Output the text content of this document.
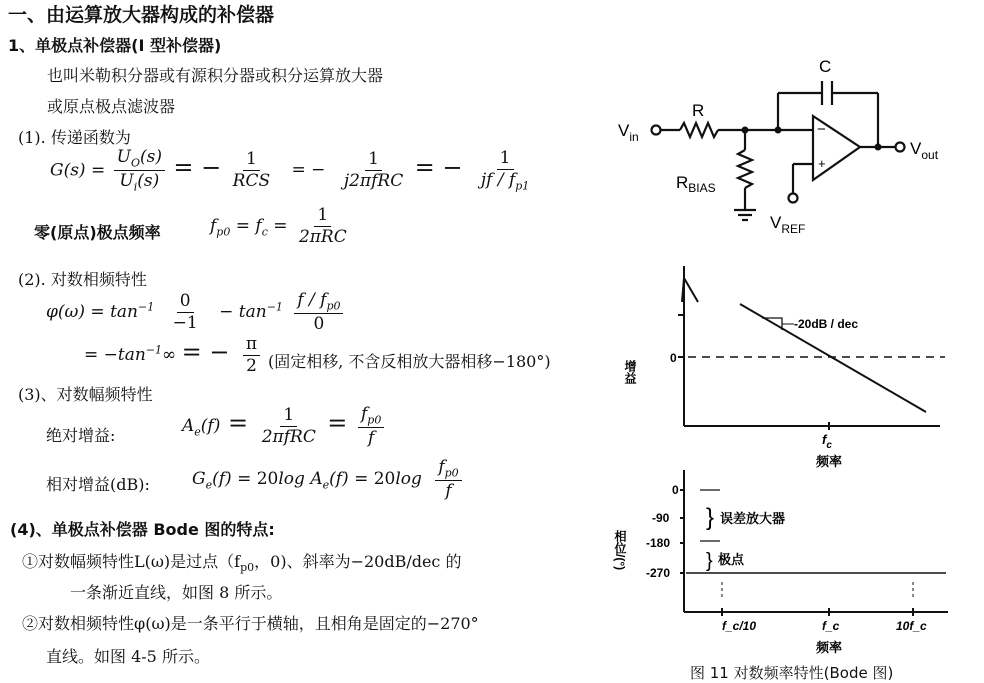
一、由运算放大器构成的补偿器
1、单极点补偿器(I 型补偿器)
也叫米勒积分器或有源积分器或积分运算放大器
或原点极点滤波器
(1). 传递函数为
$G(s) = \frac{U_O(s)}{U_i(s)}$ = − $\frac{1}{\text{RCS}}$ = − $\frac{1}{\text{j2πfRC}}$ = − $\frac{1}{jf / f_{p1}}$
零(原点)极点频率	$f_{p0} = f_c = \frac{1}{\text{2πRC}}$
(2). 对数相频特性
$\varphi(\omega) = \tan^{-1} \frac{0}{-1} - \tan^{-1} \frac{f / f_{p0}}{0}$
= $-\tan^{-1}\infty$ = − $\frac{\pi}{2}$ (固定相移, 不含反相放大器相移−180°)
(3)、对数幅频特性
绝对增益:	$A_e(f) = \frac{1}{\text{2πfRC}} = \frac{f_{p0}}{f}$
相对增益(dB): $G_e(f) = 20\log$ $A_e(f) = 20\log \frac{f_{p0}}{f}$
(4)、单极点补偿器 Bode 图的特点:
①对数幅频特性L(ω)是过点（$f_{p0}$，0)、斜率为−20dB/dec 的
一条渐近直线，如图 8 所示。
②对数相频特性φ(ω)是一条平行于横轴，且相角是固定的−270°
直线。如图 4-5 所示。
−
+
$V_{in}$
R
C
$R_{BIAS}$
$V_{REF}$
$V_{out}$
-20dB / dec
0
增益
$f_c$
频率
}
}
误差放大器
极点
0
-90
-180
-270
相位/(°)
f_c/10	f_c	10f_c
频率
图 11 对数频率特性(Bode 图)
